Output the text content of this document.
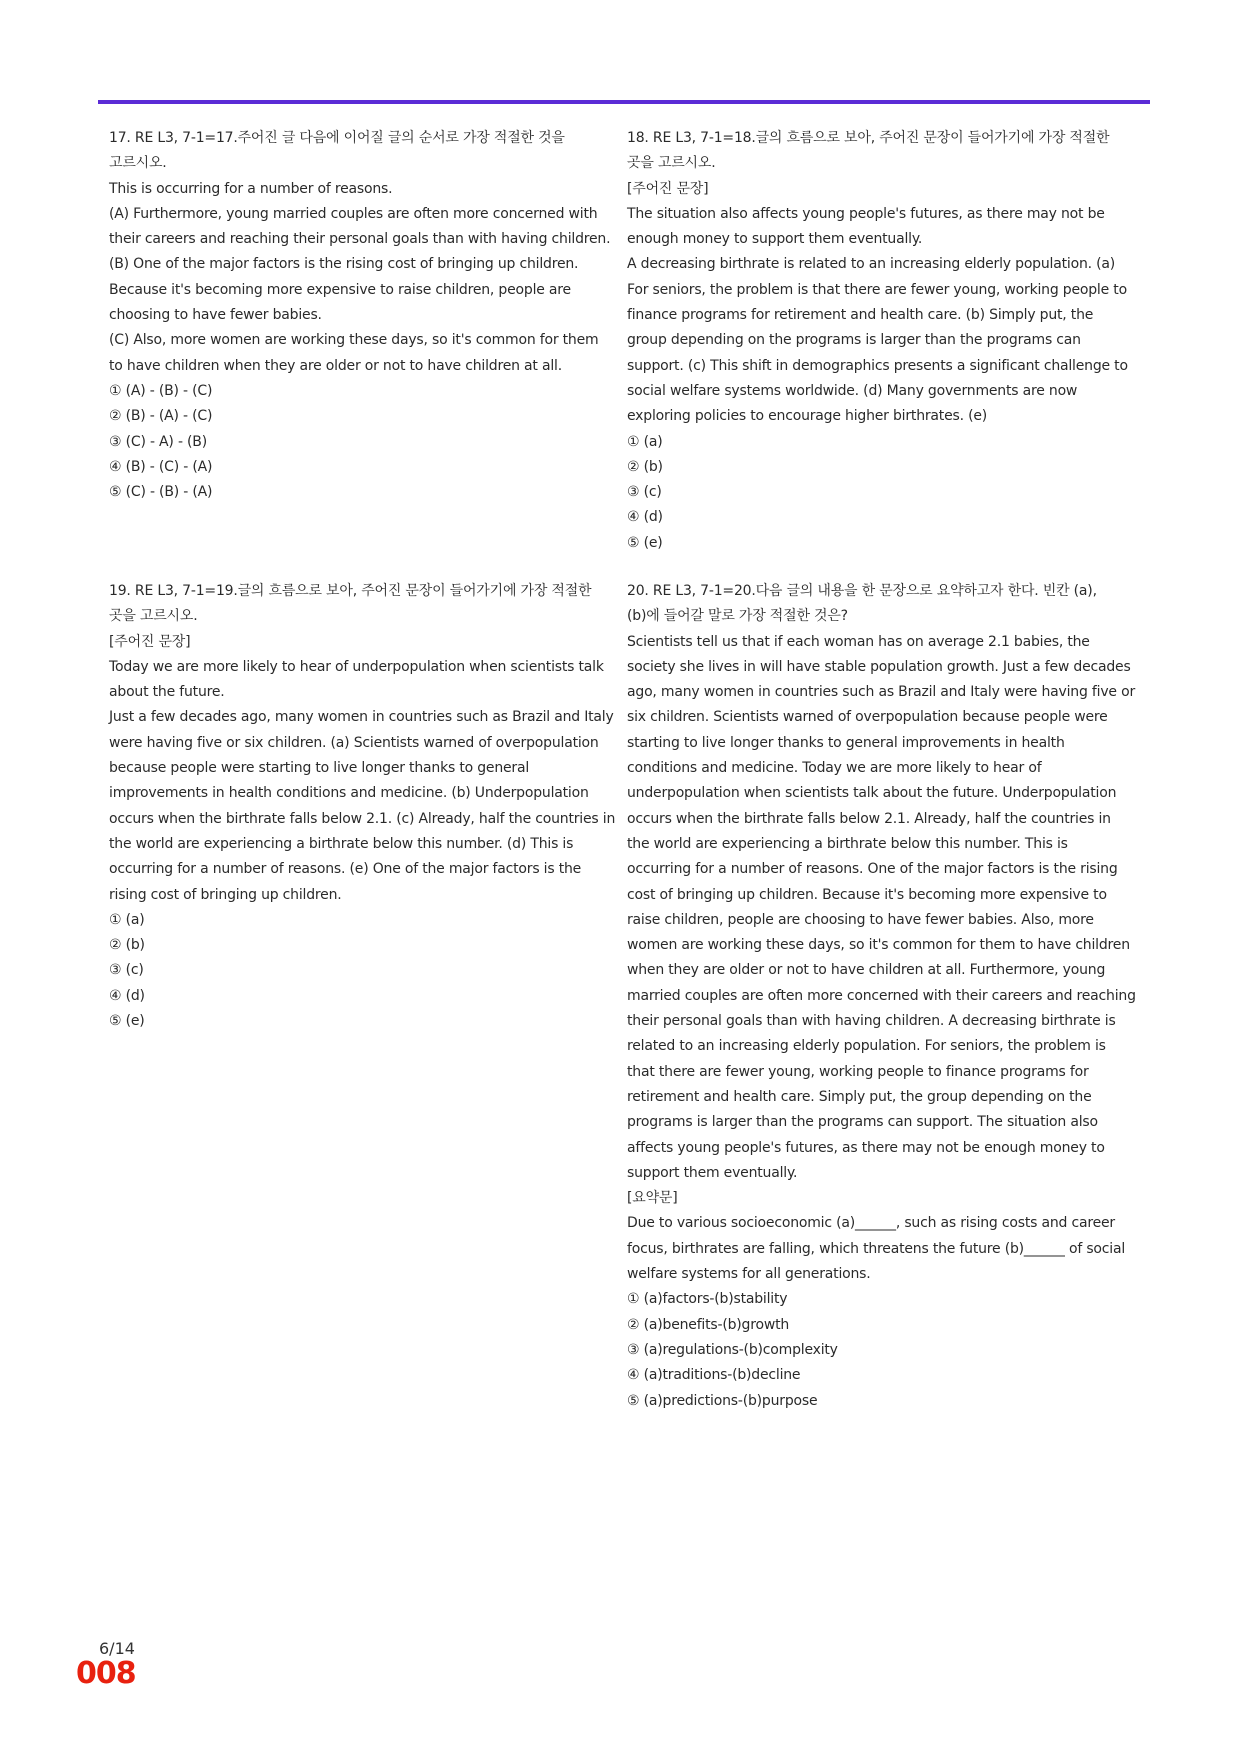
17. RE L3, 7-1=17.주어진 글 다음에 이어질 글의 순서로 가장 적절한 것을
고르시오.
This is occurring for a number of reasons.
(A) Furthermore, young married couples are often more concerned with
their careers and reaching their personal goals than with having children.
(B) One of the major factors is the rising cost of bringing up children.
Because it's becoming more expensive to raise children, people are
choosing to have fewer babies.
(C) Also, more women are working these days, so it's common for them
to have children when they are older or not to have children at all.
① (A) - (B) - (C)
② (B) - (A) - (C)
③ (C) - A) - (B)
④ (B) - (C) - (A)
⑤ (C) - (B) - (A)
18. RE L3, 7-1=18.글의 흐름으로 보아, 주어진 문장이 들어가기에 가장 적절한
곳을 고르시오.
[주어진 문장]
The situation also affects young people's futures, as there may not be
enough money to support them eventually.
A decreasing birthrate is related to an increasing elderly population. (a)
For seniors, the problem is that there are fewer young, working people to
finance programs for retirement and health care. (b) Simply put, the
group depending on the programs is larger than the programs can
support. (c) This shift in demographics presents a significant challenge to
social welfare systems worldwide. (d) Many governments are now
exploring policies to encourage higher birthrates. (e)
① (a)
② (b)
③ (c)
④ (d)
⑤ (e)
19. RE L3, 7-1=19.글의 흐름으로 보아, 주어진 문장이 들어가기에 가장 적절한
곳을 고르시오.
[주어진 문장]
Today we are more likely to hear of underpopulation when scientists talk
about the future.
Just a few decades ago, many women in countries such as Brazil and Italy
were having five or six children. (a) Scientists warned of overpopulation
because people were starting to live longer thanks to general
improvements in health conditions and medicine. (b) Underpopulation
occurs when the birthrate falls below 2.1. (c) Already, half the countries in
the world are experiencing a birthrate below this number. (d) This is
occurring for a number of reasons. (e) One of the major factors is the
rising cost of bringing up children.
① (a)
② (b)
③ (c)
④ (d)
⑤ (e)
20. RE L3, 7-1=20.다음 글의 내용을 한 문장으로 요약하고자 한다. 빈칸 (a),
(b)에 들어갈 말로 가장 적절한 것은?
Scientists tell us that if each woman has on average 2.1 babies, the
society she lives in will have stable population growth. Just a few decades
ago, many women in countries such as Brazil and Italy were having five or
six children. Scientists warned of overpopulation because people were
starting to live longer thanks to general improvements in health
conditions and medicine. Today we are more likely to hear of
underpopulation when scientists talk about the future. Underpopulation
occurs when the birthrate falls below 2.1. Already, half the countries in
the world are experiencing a birthrate below this number. This is
occurring for a number of reasons. One of the major factors is the rising
cost of bringing up children. Because it's becoming more expensive to
raise children, people are choosing to have fewer babies. Also, more
women are working these days, so it's common for them to have children
when they are older or not to have children at all. Furthermore, young
married couples are often more concerned with their careers and reaching
their personal goals than with having children. A decreasing birthrate is
related to an increasing elderly population. For seniors, the problem is
that there are fewer young, working people to finance programs for
retirement and health care. Simply put, the group depending on the
programs is larger than the programs can support. The situation also
affects young people's futures, as there may not be enough money to
support them eventually.
[요약문]
Due to various socioeconomic (a)______, such as rising costs and career
focus, birthrates are falling, which threatens the future (b)______ of social
welfare systems for all generations.
① (a)factors-(b)stability
② (a)benefits-(b)growth
③ (a)regulations-(b)complexity
④ (a)traditions-(b)decline
⑤ (a)predictions-(b)purpose
6/14
008
